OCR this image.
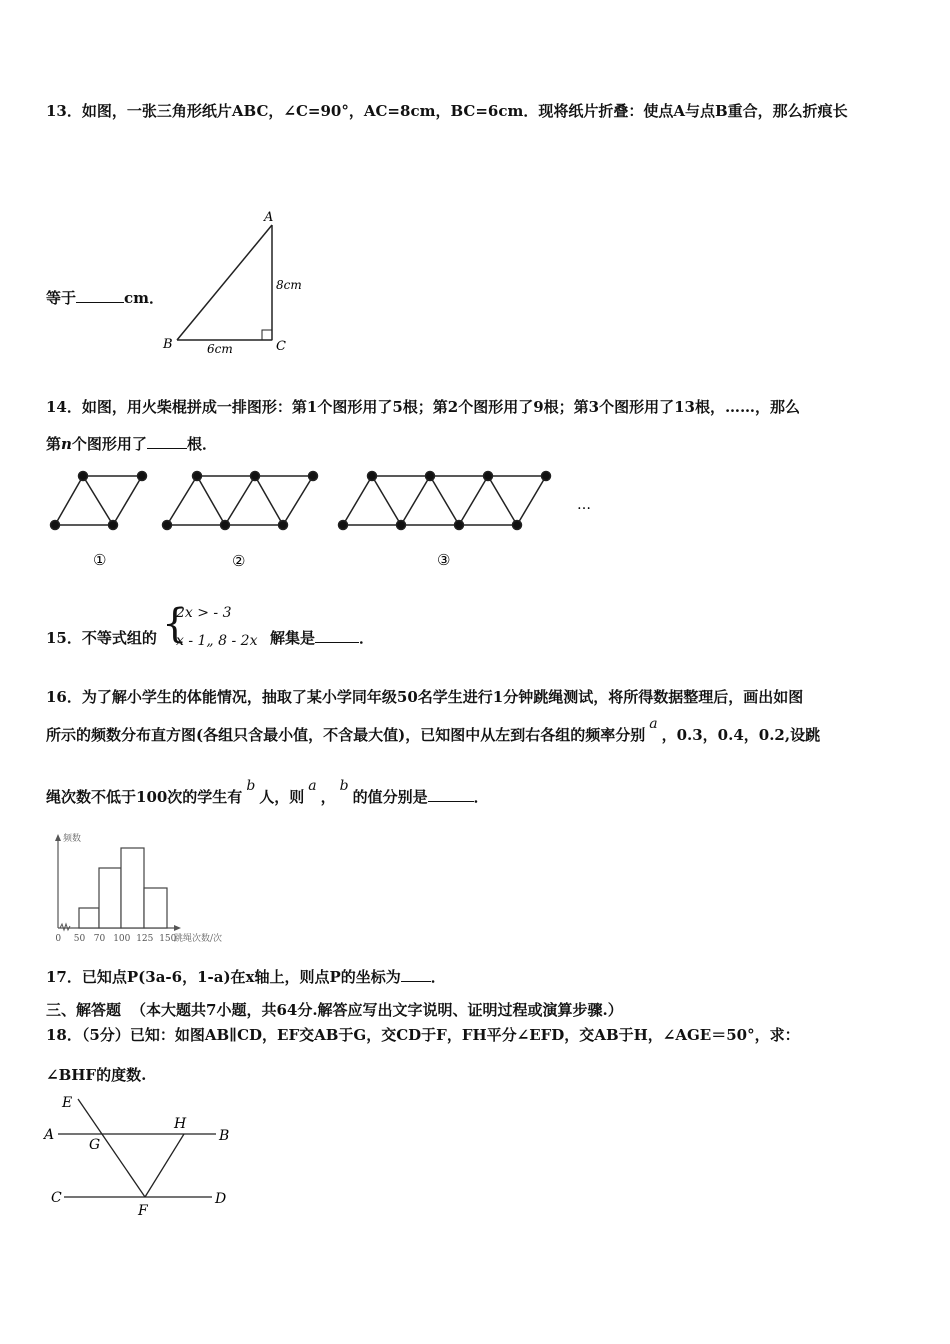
13．如图，一张三角形纸片ABC，∠C=90°，AC=8cm，BC=6cm．现将纸片折叠：使点A与点B重合，那么折痕长
等于	cm．
A
B	C
8cm
6cm
14．如图，用火柴棍拼成一排图形：第1个图形用了5根；第2个图形用了9根；第3个图形用了13根，……，那么
第n个图形用了	根．
…
①	②	③
15．不等式组的 {
2x > - 3
x - 1„ 8 - 2x 解集是	．
16．为了解小学生的体能情况，抽取了某小学同年级50名学生进行1分钟跳绳测试，将所得数据整理后，画出如图
所示的频数分布直方图(各组只含最小值，不含最大值)，已知图中从左到右各组的频率分别a，0.3，0.4，0.2,设跳
绳次数不低于100次的学生有b人，则a，b的值分别是	．
频数
0 50 70 100 125 150
跳绳次数/次
17．已知点P(3a-6，1-a)在x轴上，则点P的坐标为 ．
三、解答题 （本大题共7小题，共64分.解答应写出文字说明、证明过程或演算步骤.）
18．（5分）已知：如图AB∥CD，EF交AB于G，交CD于F，FH平分∠EFD，交AB于H，∠AGE＝50°，求：
∠BHF的度数.
E
A
G
H
B
C
F
D
